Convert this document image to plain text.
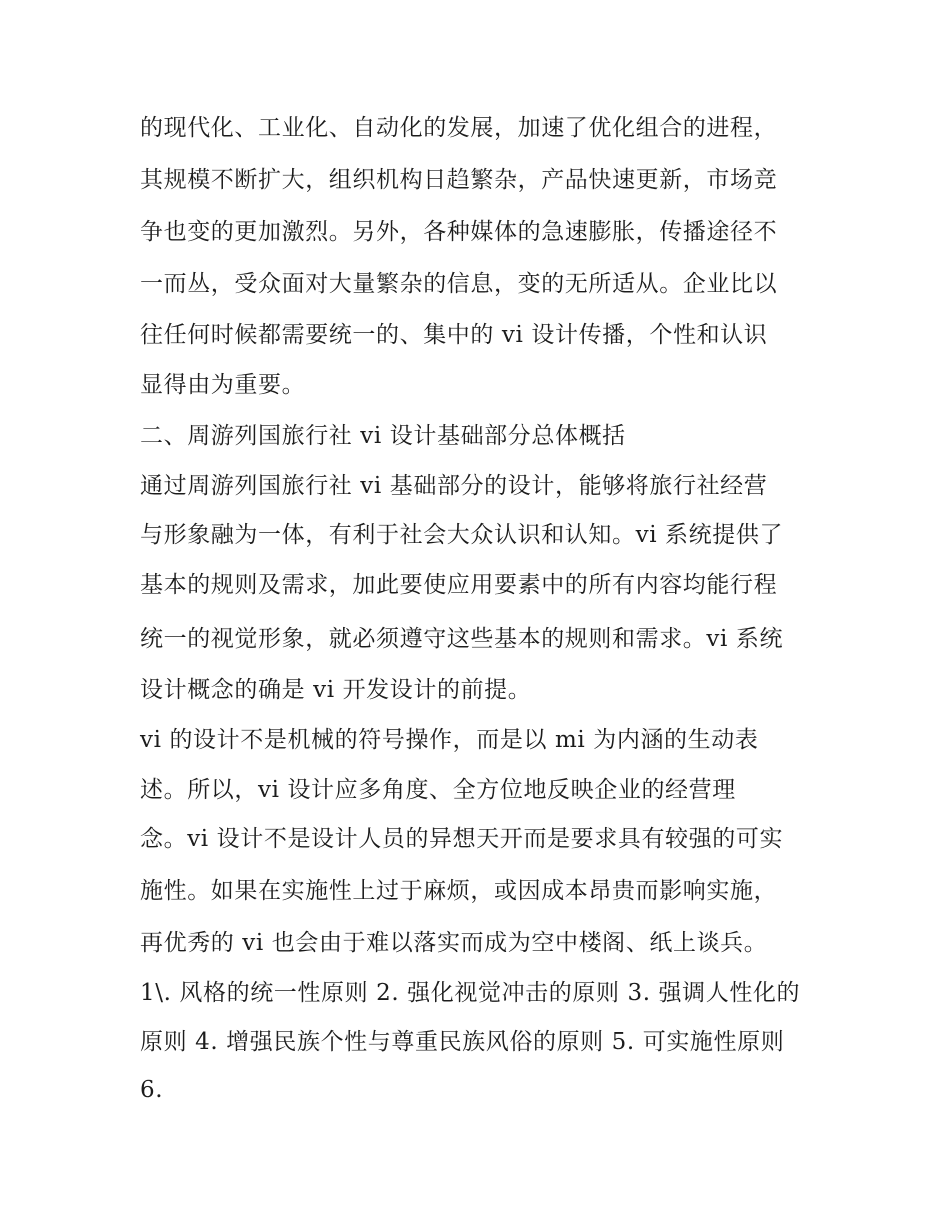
的现代化、工业化、自动化的发展，加速了优化组合的进程，
其规模不断扩大，组织机构日趋繁杂，产品快速更新，市场竞
争也变的更加激烈。另外，各种媒体的急速膨胀，传播途径不
一而丛，受众面对大量繁杂的信息，变的无所适从。企业比以
往任何时候都需要统一的、集中的 vi 设计传播，个性和认识
显得由为重要。
二、周游列国旅行社 vi 设计基础部分总体概括
通过周游列国旅行社 vi 基础部分的设计，能够将旅行社经营
与形象融为一体，有利于社会大众认识和认知。vi 系统提供了
基本的规则及需求，加此要使应用要素中的所有内容均能行程
统一的视觉形象，就必须遵守这些基本的规则和需求。vi 系统
设计概念的确是 vi 开发设计的前提。
vi 的设计不是机械的符号操作，而是以 mi 为内涵的生动表
述。所以，vi 设计应多角度、全方位地反映企业的经营理
念。vi 设计不是设计人员的异想天开而是要求具有较强的可实
施性。如果在实施性上过于麻烦，或因成本昂贵而影响实施，
再优秀的 vi 也会由于难以落实而成为空中楼阁、纸上谈兵。
1\. 风格的统一性原则 2. 强化视觉冲击的原则 3. 强调人性化的
原则 4. 增强民族个性与尊重民族风俗的原则 5. 可实施性原则
6.
